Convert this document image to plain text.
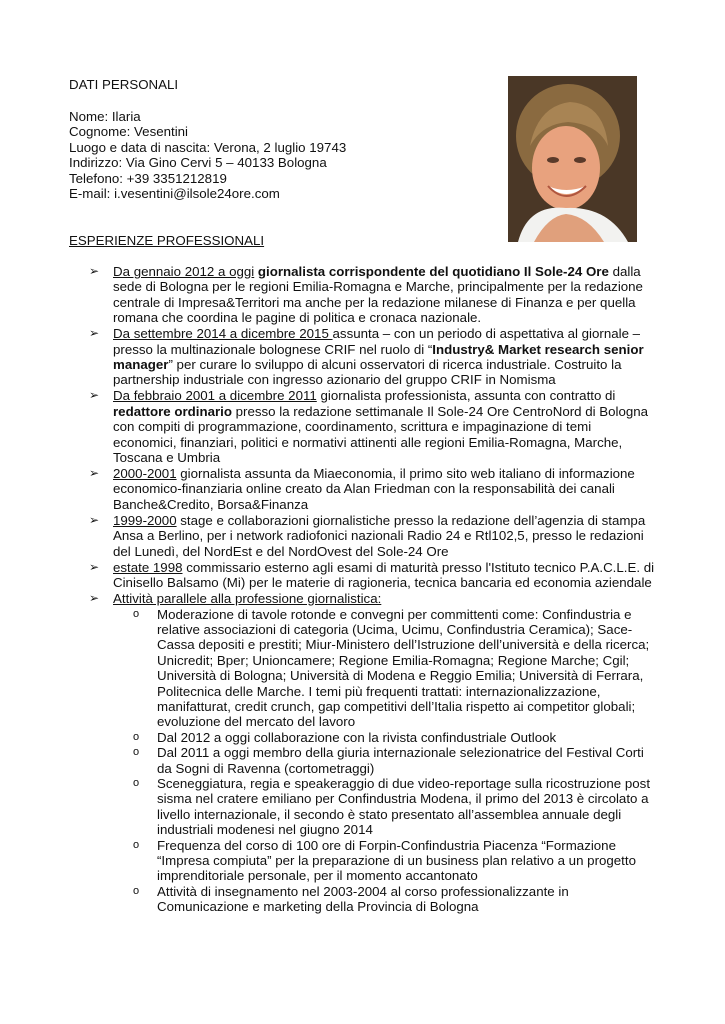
DATI PERSONALI
Nome: Ilaria
Cognome: Vesentini
Luogo e data di nascita: Verona, 2 luglio 19743
Indirizzo: Via Gino Cervi 5 – 40133 Bologna
Telefono: +39 3351212819
E-mail: i.vesentini@ilsole24ore.com
ESPERIENZE PROFESSIONALI
➢ Da gennaio 2012 a oggi giornalista corrispondente del quotidiano Il Sole-24 Ore dalla sede di Bologna per le regioni Emilia-Romagna e Marche, principalmente per la redazione centrale di Impresa&Territori ma anche per la redazione milanese di Finanza e per quella romana che coordina le pagine di politica e cronaca nazionale.
➢ Da settembre 2014 a dicembre 2015 assunta – con un periodo di aspettativa al giornale – presso la multinazionale bolognese CRIF nel ruolo di “Industry& Market research senior manager” per curare lo sviluppo di alcuni osservatori di ricerca industriale. Costruito la partnership industriale con ingresso azionario del gruppo CRIF in Nomisma
➢ Da febbraio 2001 a dicembre 2011 giornalista professionista, assunta con contratto di redattore ordinario presso la redazione settimanale Il Sole-24 Ore CentroNord di Bologna con compiti di programmazione, coordinamento, scrittura e impaginazione di temi economici, finanziari, politici e normativi attinenti alle regioni Emilia-Romagna, Marche, Toscana e Umbria
➢ 2000-2001 giornalista assunta da Miaeconomia, il primo sito web italiano di informazione economico-finanziaria online creato da Alan Friedman con la responsabilità dei canali Banche&Credito, Borsa&Finanza
➢ 1999-2000 stage e collaborazioni giornalistiche presso la redazione dell’agenzia di stampa Ansa a Berlino, per i network radiofonici nazionali Radio 24 e Rtl102,5, presso le redazioni del Lunedì, del NordEst e del NordOvest del Sole-24 Ore
➢ estate 1998 commissario esterno agli esami di maturità presso l'Istituto tecnico P.A.C.L.E. di Cinisello Balsamo (Mi) per le materie di ragioneria, tecnica bancaria ed economia aziendale
➢ Attività parallele alla professione giornalistica:
o Moderazione di tavole rotonde e convegni per committenti come: Confindustria e relative associazioni di categoria (Ucima, Ucimu, Confindustria Ceramica); Sace-Cassa depositi e prestiti; Miur-Ministero dell’Istruzione dell’università e della ricerca; Unicredit; Bper; Unioncamere; Regione Emilia-Romagna; Regione Marche; Cgil; Università di Bologna; Università di Modena e Reggio Emilia; Università di Ferrara, Politecnica delle Marche. I temi più frequenti trattati: internazionalizzazione, manifatturat, credit crunch, gap competitivi dell’Italia rispetto ai competitor globali; evoluzione del mercato del lavoro
o Dal 2012 a oggi collaborazione con la rivista confindustriale Outlook
o Dal 2011 a oggi membro della giuria internazionale selezionatrice del Festival Corti da Sogni di Ravenna (cortometraggi)
o Sceneggiatura, regia e speakeraggio di due video-reportage sulla ricostruzione post sisma nel cratere emiliano per Confindustria Modena, il primo del 2013 è circolato a livello internazionale, il secondo è stato presentato all’assemblea annuale degli industriali modenesi nel giugno 2014
o Frequenza del corso di 100 ore di Forpin-Confindustria Piacenza “Formazione “Impresa compiuta” per la preparazione di un business plan relativo a un progetto imprenditoriale personale, per il momento accantonato
o Attività di insegnamento nel 2003-2004 al corso professionalizzante in Comunicazione e marketing della Provincia di Bologna
